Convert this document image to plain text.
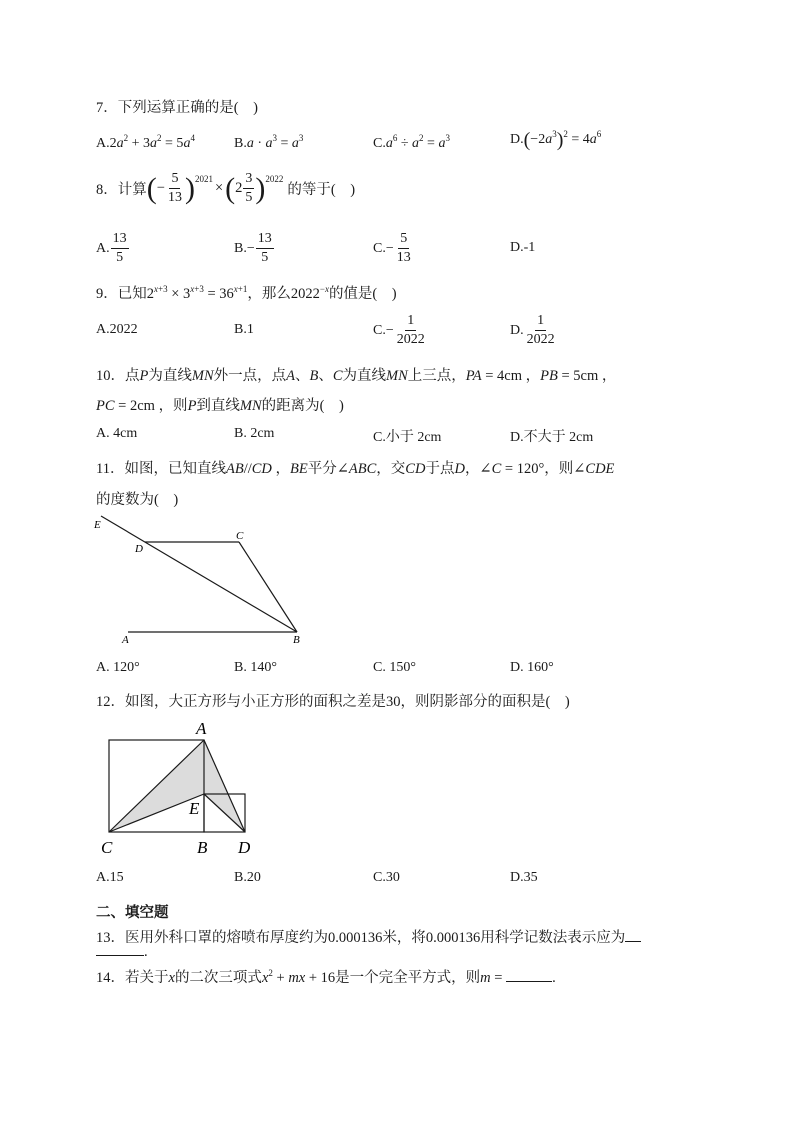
7．下列运算正确的是(　)
$A.2a^2 + 3a^2 = 5a^4$	$B.a \cdot a^3 = a^3$	$C.a^6 \div a^2 = a^3$	$D.(-2a^3)^2 = 4a^6$
8． 计算 ( − $\frac{5}{13}$ ) 2021
× ( $2 \frac{3}{5}$ ) 2022
的等于(　)
A. $\frac{13}{5}$	$B.- \frac{13}{5}$	$C.- \frac{5}{13}$	D.-1
9．已知$2^{x+3} \times 3^{x+3} = 36^{x+1}$，那么$2022^{-x}$的值是(　)
A.2022	B.1	$C.- \frac{1}{2022}$	D. $\frac{1}{2022}$
10．点P为直线MN外一点，点A、B、C为直线MN上三点，PA = 4cm ，PB = 5cm ，
PC = 2cm ，则P到直线MN的距离为(　)
A. 4cm	B. 2cm	C.小于 2cm	D.不大于 2cm
11．如图，已知直线AB//CD ，BE平分∠ABC，交CD于点D，∠C = 120°，则∠CDE
的度数为(　)
E
D
C
A	B
A. 120°	B. 140°	C. 150°	D. 160°
12．如图，大正方形与小正方形的面积之差是30，则阴影部分的面积是(　)
A
E
C	B D
A.15	B.20	C.30	D.35
二、填空题
13．医用外科口罩的熔喷布厚度约为0.000136米，将0.000136用科学记数法表示应为
.
14．若关于x的二次三项式$x^2$ + mx + 16是一个完全平方式，则m =	.
